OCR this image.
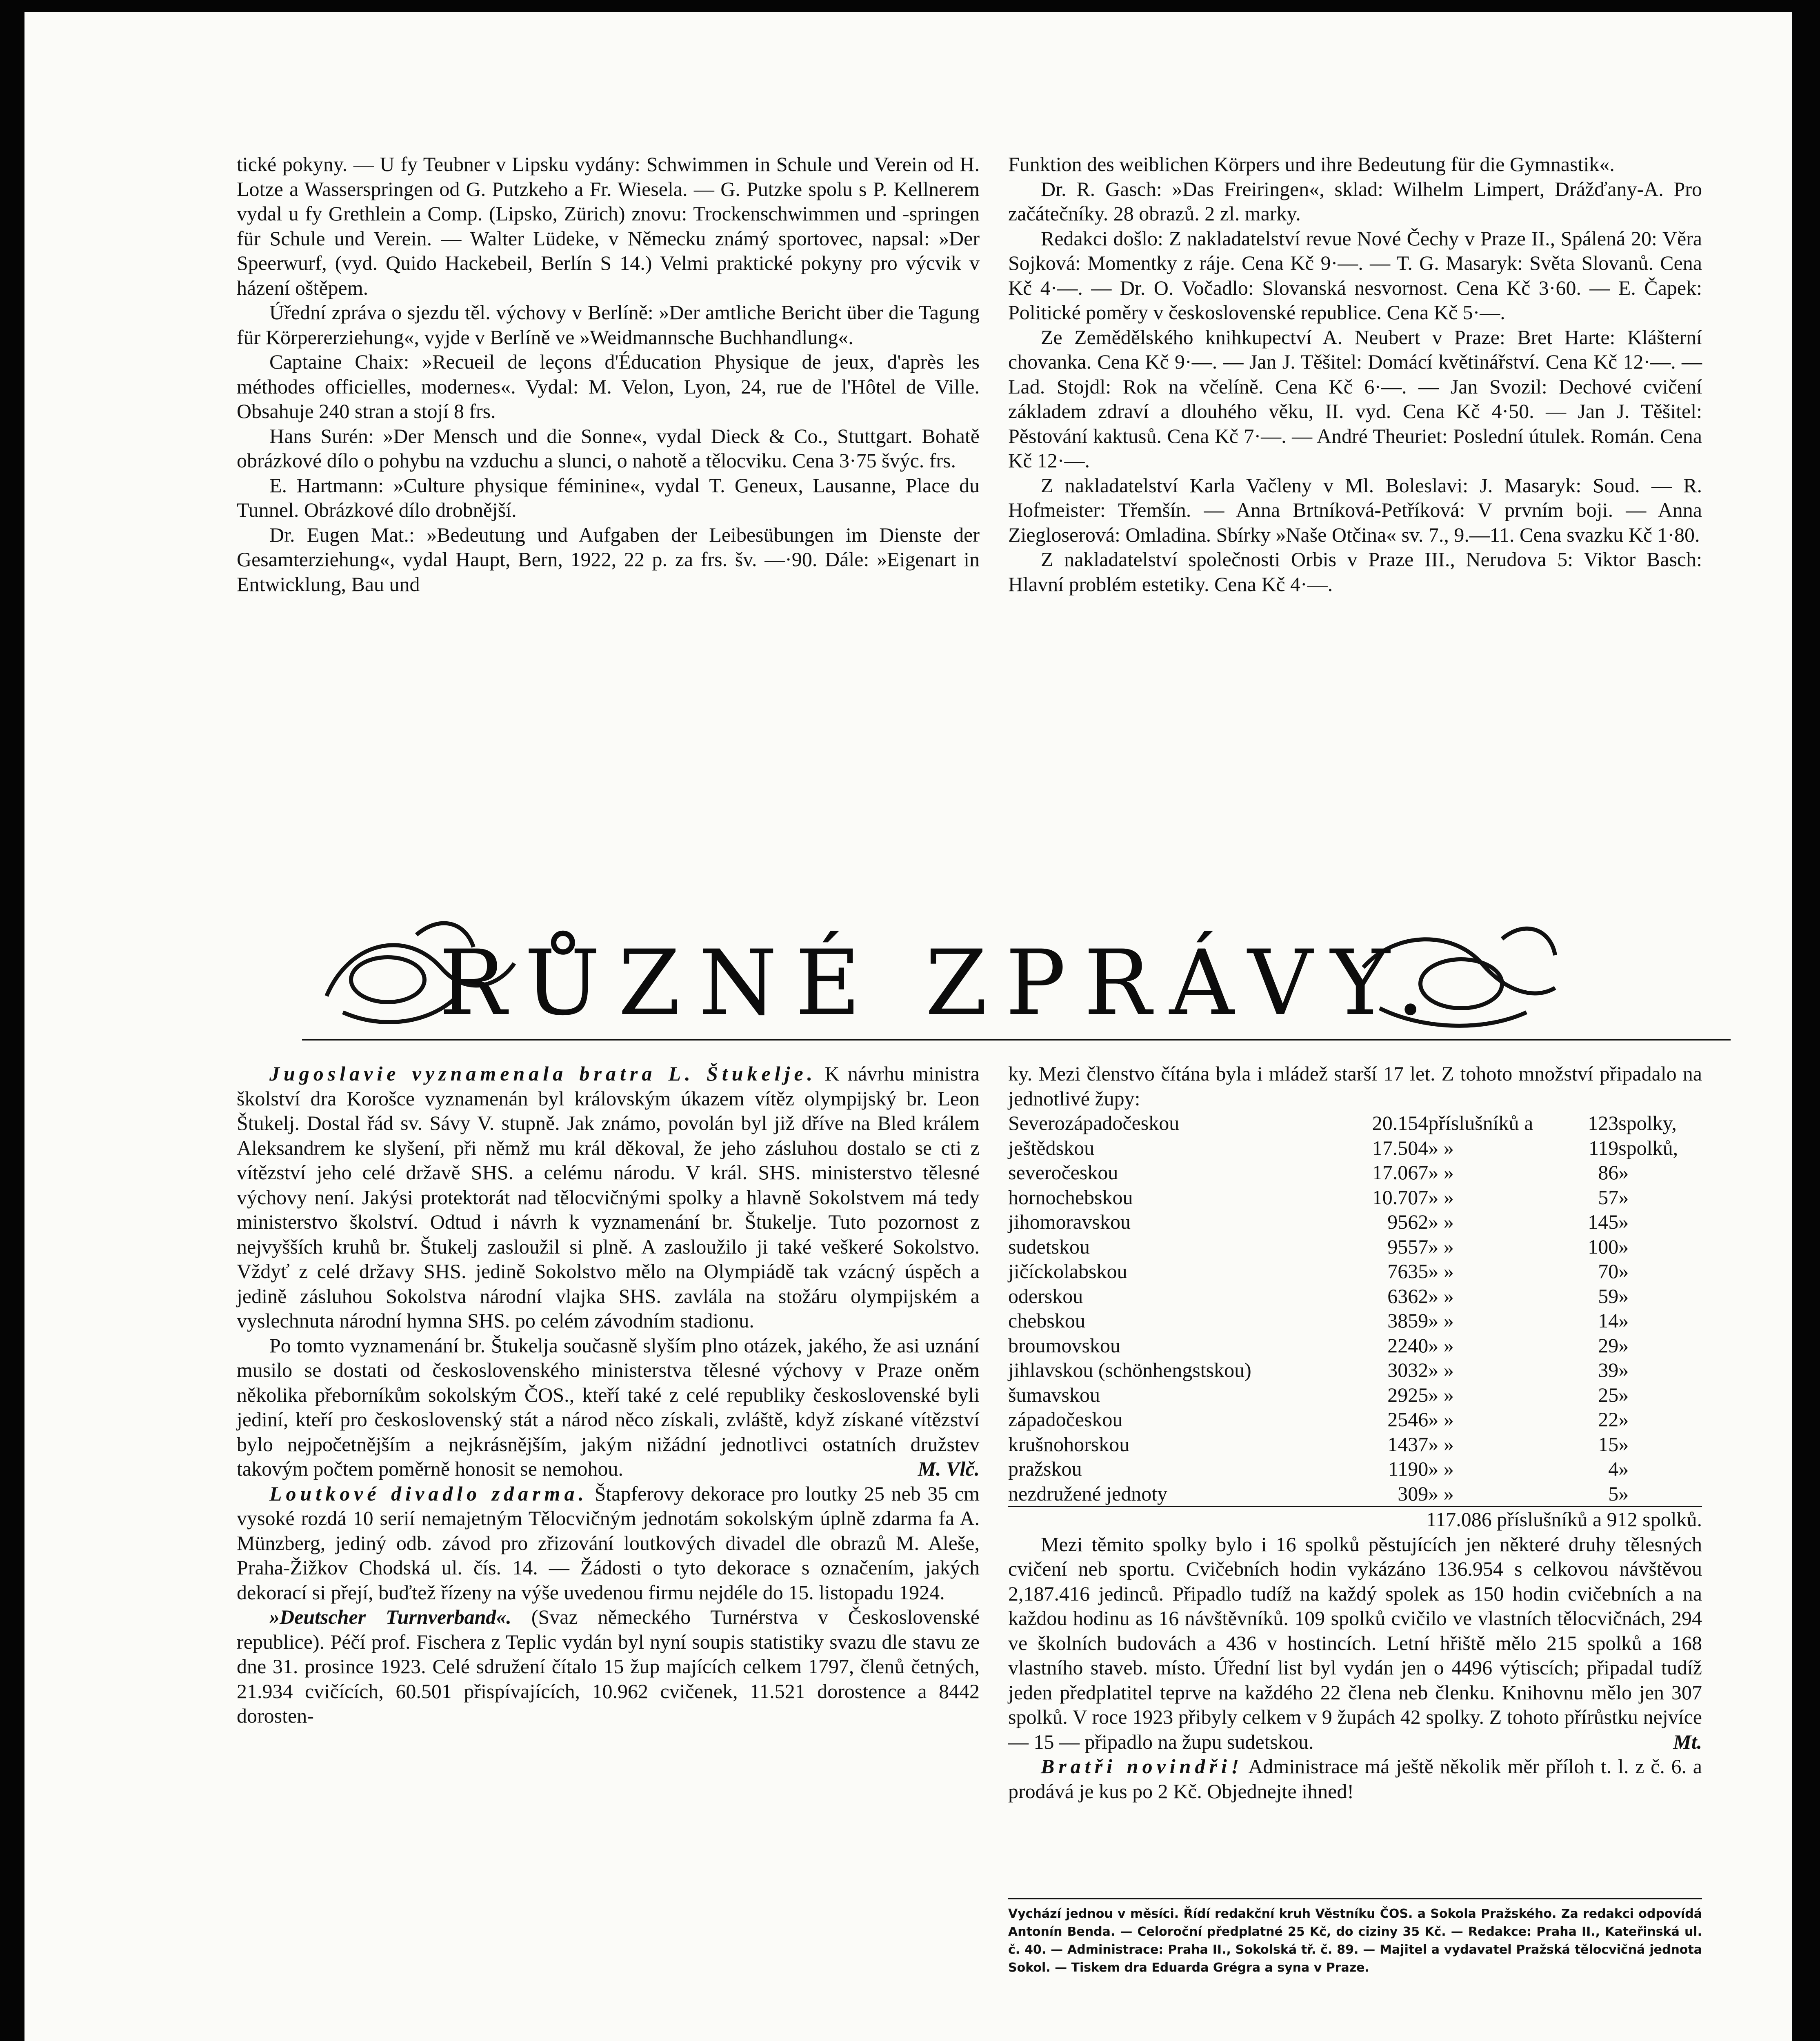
tické pokyny. — U fy Teubner v Lipsku vydány: Schwimmen in Schule und Verein od H. Lotze a Wasserspringen od G. Putzkeho a Fr. Wiesela. — G. Putzke spolu s P. Kellnerem vydal u fy Grethlein a Comp. (Lipsko, Zürich) znovu: Trockenschwimmen und -springen für Schule und Verein. — Walter Lüdeke, v Německu známý sportovec, napsal: »Der Speerwurf, (vyd. Quido Hackebeil, Berlín S 14.) Velmi praktické pokyny pro výcvik v házení oštěpem.

Úřední zpráva o sjezdu těl. výchovy v Berlíně: »Der amtliche Bericht über die Tagung für Körpererziehung«, vyjde v Berlíně ve »Weidmannsche Buchhandlung«.

Captaine Chaix: »Recueil de leçons d'Éducation Physique de jeux, d'après les méthodes officielles, modernes«. Vydal: M. Velon, Lyon, 24, rue de l'Hôtel de Ville. Obsahuje 240 stran a stojí 8 frs.

Hans Surén: »Der Mensch und die Sonne«, vydal Dieck & Co., Stuttgart. Bohatě obrázkové dílo o pohybu na vzduchu a slunci, o nahotě a tělocviku. Cena 3·75 švýc. frs.

E. Hartmann: »Culture physique féminine«, vydal T. Geneux, Lausanne, Place du Tunnel. Obrázkové dílo drobnější.

Dr. Eugen Mat.: »Bedeutung und Aufgaben der Leibesübungen im Dienste der Gesamterziehung«, vydal Haupt, Bern, 1922, 22 p. za frs. šv. —·90. Dále: »Eigenart in Entwicklung, Bau und

Funktion des weiblichen Körpers und ihre Bedeutung für die Gymnastik«.

Dr. R. Gasch: »Das Freiringen«, sklad: Wilhelm Limpert, Drážďany-A. Pro začátečníky. 28 obrazů. 2 zl. marky.

Redakci došlo: Z nakladatelství revue Nové Čechy v Praze II., Spálená 20: Věra Sojková: Momentky z ráje. Cena Kč 9·—. — T. G. Masaryk: Světa Slovanů. Cena Kč 4·—. — Dr. O. Vočadlo: Slovanská nesvornost. Cena Kč 3·60. — E. Čapek: Politické poměry v československé republice. Cena Kč 5·—.

Ze Zemědělského knihkupectví A. Neubert v Praze: Bret Harte: Klášterní chovanka. Cena Kč 9·—. — Jan J. Těšitel: Domácí květinářství. Cena Kč 12·—. — Lad. Stojdl: Rok na včelíně. Cena Kč 6·—. — Jan Svozil: Dechové cvičení základem zdraví a dlouhého věku, II. vyd. Cena Kč 4·50. — Jan J. Těšitel: Pěstování kaktusů. Cena Kč 7·—. — André Theuriet: Poslední útulek. Román. Cena Kč 12·—.

Z nakladatelství Karla Vačleny v Ml. Boleslavi: J. Masaryk: Soud. — R. Hofmeister: Třemšín. — Anna Brtníková-Petříková: V prvním boji. — Anna Ziegloserová: Omladina. Sbírky »Naše Otčina« sv. 7., 9.—11. Cena svazku Kč 1·80.

Z nakladatelství společnosti Orbis v Praze III., Nerudova 5: Viktor Basch: Hlavní problém estetiky. Cena Kč 4·—.

RŮZNÉ ZPRÁVY.

Jugoslavie vyznamenala bratra L. Štukelje. K návrhu ministra školství dra Korošce vyznamenán byl královským úkazem vítěz olympijský br. Leon Štukelj. Dostal řád sv. Sávy V. stupně. Jak známo, povolán byl již dříve na Bled králem Aleksandrem ke slyšení, při němž mu král děkoval, že jeho zásluhou dostalo se cti z vítězství jeho celé državě SHS. a celému národu. V král. SHS. ministerstvo tělesné výchovy není. Jakýsi protektorát nad tělocvičnými spolky a hlavně Sokolstvem má tedy ministerstvo školství. Odtud i návrh k vyznamenání br. Štukelje. Tuto pozornost z nejvyšších kruhů br. Štukelj zasloužil si plně. A zasloužilo ji také veškeré Sokolstvo. Vždyť z celé državy SHS. jedině Sokolstvo mělo na Olympiádě tak vzácný úspěch a jedině zásluhou Sokolstva národní vlajka SHS. zavlála na stožáru olympijském a vyslechnuta národní hymna SHS. po celém závodním stadionu.

Po tomto vyznamenání br. Štukelja současně slyším plno otázek, jakého, že asi uznání musilo se dostati od československého ministerstva tělesné výchovy v Praze oněm několika přeborníkům sokolským ČOS., kteří také z celé republiky československé byli jediní, kteří pro československý stát a národ něco získali, zvláště, když získané vítězství bylo nejpočetnějším a nejkrásnějším, jakým nižádní jednotlivci ostatních družstev takovým počtem poměrně honosit se nemohou.	M. Vlč.

Loutkové divadlo zdarma. Štapferovy dekorace pro loutky 25 neb 35 cm vysoké rozdá 10 serií nemajetným Tělocvičným jednotám sokolským úplně zdarma fa A. Münzberg, jediný odb. závod pro zřizování loutkových divadel dle obrazů M. Aleše, Praha-Žižkov Chodská ul. čís. 14. — Žádosti o tyto dekorace s označením, jakých dekorací si přejí, buďtež řízeny na výše uvedenou firmu nejdéle do 15. listopadu 1924.

»Deutscher Turnverband«. (Svaz německého Turnérstva v Československé republice). Péčí prof. Fischera z Teplic vydán byl nyní soupis statistiky svazu dle stavu ze dne 31. prosince 1923. Celé sdružení čítalo 15 žup majících celkem 1797, členů četných, 21.934 cvičících, 60.501 přispívajících, 10.962 cvičenek, 11.521 dorostence a 8442 dorosten-

ky. Mezi členstvo čítána byla i mládež starší 17 let. Z tohoto množství připadalo na jednotlivé župy:

Severozápadočeskou	20.154	příslušníků a	123	spolky,
ještědskou	17.504	» »	119	spolků,
severočeskou	17.067	» »	86	»
hornochebskou	10.707	» »	57	»
jihomoravskou	9562	» »	145	»
sudetskou	9557	» »	100	»
jičíckolabskou	7635	» »	70	»
oderskou	6362	» »	59	»
chebskou	3859	» »	14	»
broumovskou	2240	» »	29	»
jihlavskou (schönhengstskou)	3032	» »	39	»
šumavskou	2925	» »	25	»
západočeskou	2546	» »	22	»
krušnohorskou	1437	» »	15	»
pražskou	1190	» »	4	»
nezdružené jednoty	309	» »	5	»
117.086 příslušníků a 912 spolků.				

Mezi těmito spolky bylo i 16 spolků pěstujících jen některé druhy tělesných cvičení neb sportu. Cvičebních hodin vykázáno 136.954 s celkovou návštěvou 2,187.416 jedinců. Připadlo tudíž na každý spolek as 150 hodin cvičebních a na každou hodinu as 16 návštěvníků. 109 spolků cvičilo ve vlastních tělocvičnách, 294 ve školních budovách a 436 v hostincích. Letní hřiště mělo 215 spolků a 168 vlastního staveb. místo. Úřední list byl vydán jen o 4496 výtiscích; připadal tudíž jeden předplatitel teprve na každého 22 člena neb členku. Knihovnu mělo jen 307 spolků. V roce 1923 přibyly celkem v 9 župách 42 spolky. Z tohoto přírůstku nejvíce — 15 — připadlo na župu sudetskou.	Mt.

Bratři novindři! Administrace má ještě několik měr příloh t. l. z č. 6. a prodává je kus po 2 Kč. Objednejte ihned!

Vychází jednou v měsíci. Řídí redakční kruh Věstníku ČOS. a Sokola Pražského. Za redakci odpovídá Antonín Benda. — Celoroční předplatné 25 Kč, do ciziny 35 Kč. — Redakce: Praha II., Kateřinská ul. č. 40. — Administrace: Praha II., Sokolská tř. č. 89. — Majitel a vydavatel Pražská tělocvičná jednota Sokol. — Tiskem dra Eduarda Grégra a syna v Praze.
